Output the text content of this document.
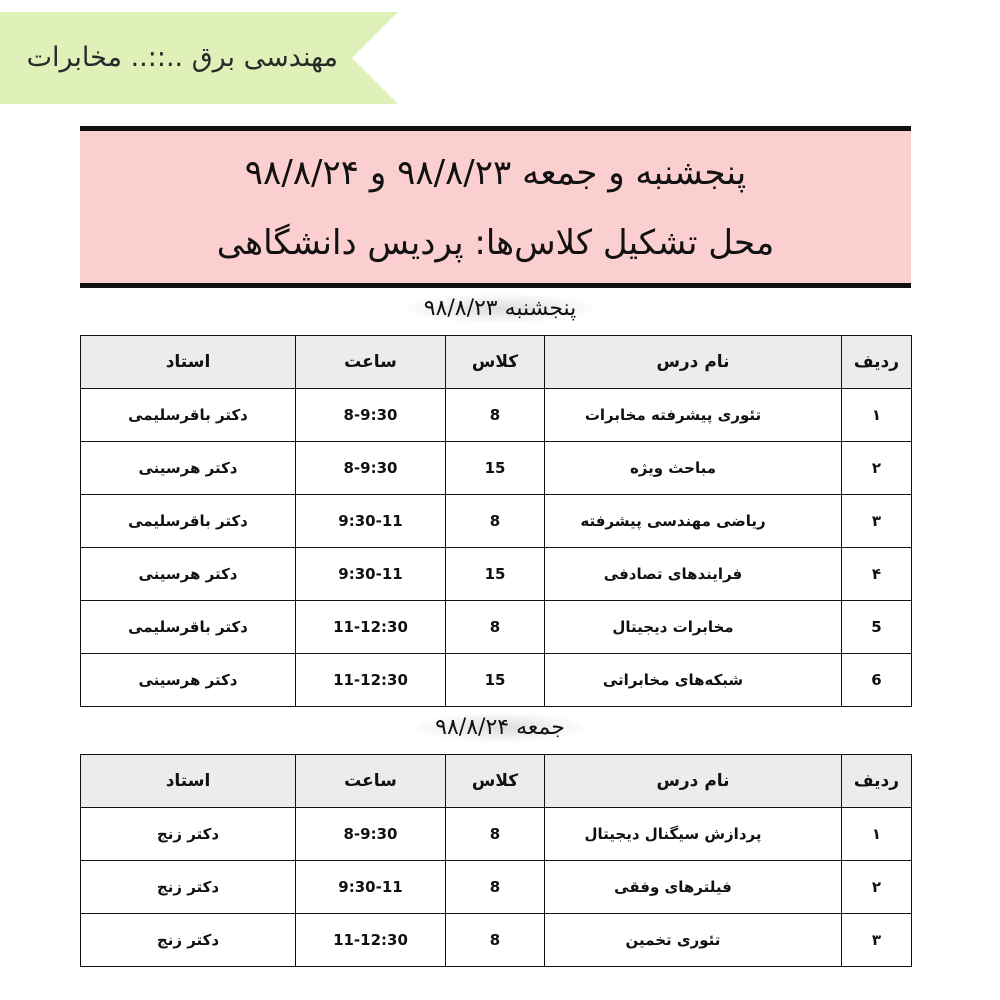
مهندسی برق ..::.. مخابرات
پنجشنبه و جمعه ۹۸/۸/۲۳ و ۹۸/۸/۲۴
محل تشکیل کلاس‌ها: پردیس دانشگاهی
پنجشنبه ۹۸/۸/۲۳
ردیف	نام درس	کلاس	ساعت	استاد
۱	تئوری پیشرفته مخابرات	8	8-9:30	دکتر باقرسلیمی
۲	مباحث ویژه	15	8-9:30	دکتر هرسینی
۳	ریاضی مهندسی پیشرفته	8	9:30-11	دکتر باقرسلیمی
۴	فرایندهای تصادفی	15	9:30-11	دکتر هرسینی
5	مخابرات دیجیتال	8	11-12:30	دکتر باقرسلیمی
6	شبکه‌های مخابراتی	15	11-12:30	دکتر هرسینی
جمعه ۹۸/۸/۲۴
ردیف	نام درس	کلاس	ساعت	استاد
۱	پردازش سیگنال دیجیتال	8	8-9:30	دکتر زنج
۲	فیلترهای وفقی	8	9:30-11	دکتر زنج
۳	تئوری تخمین	8	11-12:30	دکتر زنج
